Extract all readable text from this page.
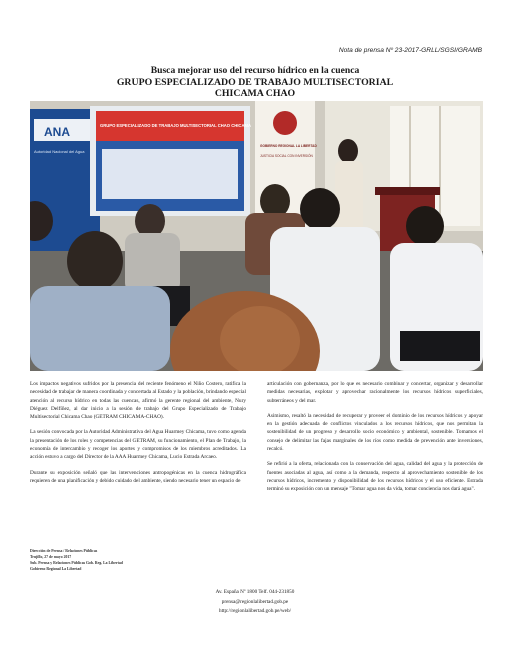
Nota de prensa Nº 23-2017-GRLL/SGSI/GRAMB
Busca mejorar uso del recurso hídrico en la cuenca
GRUPO ESPECIALIZADO DE TRABAJO MULTISECTORIAL
CHICAMA CHAO
ANA
Autoridad Nacional del Agua
GRUPO ESPECIALIZADO DE TRABAJO MULTISECTORIAL CHAO CHICAMA
GOBIERNO REGIONAL LA LIBERTAD
JUSTICIA SOCIAL CON INVERSIÓN

Los impactos negativos sufridos por la presencia del reciente fenómeno el Niño Costero, ratifica la necesidad de trabajar de manera coordinada y concertada al Estado y la población, brindando especial atención al recurso hídrico en todas las cuencas, afirmó la gerente regional del ambiente, Nury Diéguez Delfíñez, al dar inicio a la sesión de trabajo del Grupo Especializado de Trabajo Multisectorial Chicama Chao (GETRAM CHICAMA-CHAO).

La sesión convocada por la Autoridad Administrativa del Agua Huarmey Chicama, tuvo como agenda la presentación de los roles y competencias del GETRAM, su funcionamiento, el Plan de Trabajo, la economía de intercambio y recoger los aportes y compromisos de los miembros acreditados. La acción estuvo a cargo del Director de la AAA Huarmey Chicama, Lucio Estrada Arcaeo.

Durante su exposición señaló que las intervenciones antropogénicas en la cuenca hidrográfica requieren de una planificación y debido cuidado del ambiente, siendo necesario tener un espacio de

articulación con gobernanza, por lo que es necesario combinar y concertar, organizar y desarrollar medidas necesarias, explotar y aprovechar racionalmente los recursos hídricos superficiales, subterráneos y del mar.

Asimismo, resaltó la necesidad de recuperar y proveer el dominio de los recursos hídricos y apoyar en la gestión adecuada de conflictos vinculados a los recursos hídricos, que nos permitan la sostenibilidad de un progreso y desarrollo socio económico y ambiental, sostenible. Tomamos el consejo de delimitar las fajas marginales de los ríos como medida de prevención ante inversiones, recalcó.

Se refirió a la oferta, relacionada con la conservación del agua, calidad del agua y la protección de fuentes asociadas al agua, así como a la demanda, respecto al aprovechamiento sostenible de los recursos hídricos, incremento y disponibilidad de los recursos hídricos y el uso eficiente. Estrada terminó su exposición con un mensaje "Tomar agua nos da vida, tomar conciencia nos dará agua".

Dirección de Prensa / Relaciones Públicas
Trujillo, 27 de mayo 2017
Sub. Prensa y Relaciones Públicas Gob. Reg. La Libertad
Gobierno Regional La Libertad
Av. España Nº 1800 Telf. 044-231850
prensa@regionlalibertad.gob.pe
http://regionlalibertad.gob.pe/web/
